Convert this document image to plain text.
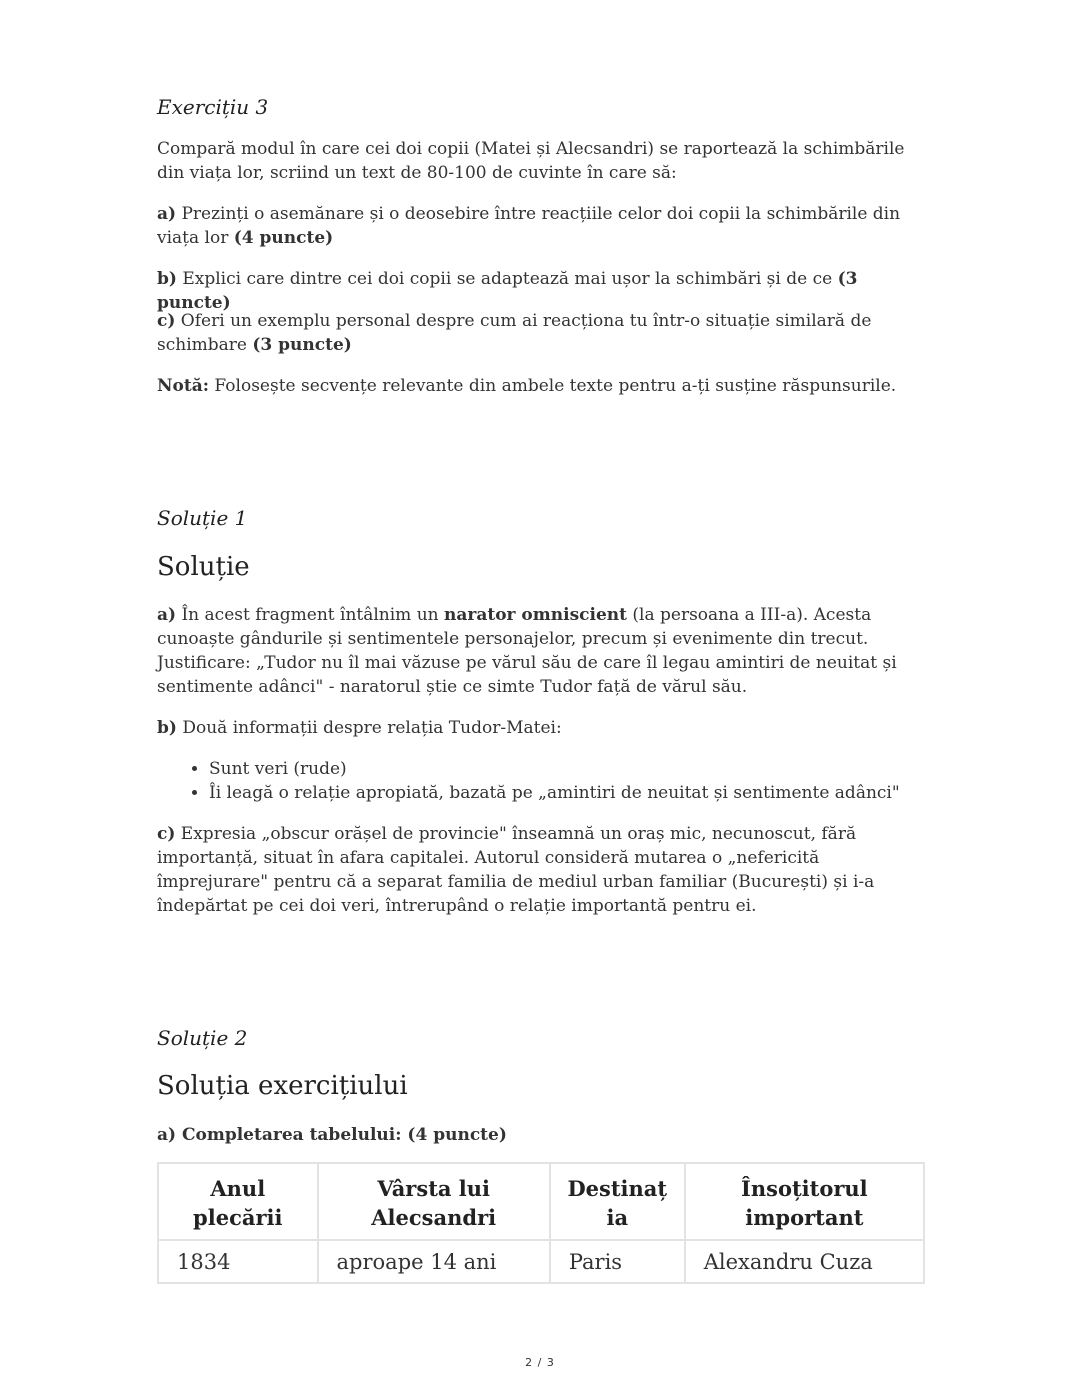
Exercițiu 3

Compară modul în care cei doi copii (Matei și Alecsandri) se raportează la schimbările din viața lor, scriind un text de 80-100 de cuvinte în care să:

a) Prezinți o asemănare și o deosebire între reacțiile celor doi copii la schimbările din viața lor (4 puncte)

b) Explici care dintre cei doi copii se adaptează mai ușor la schimbări și de ce (3 puncte)

c) Oferi un exemplu personal despre cum ai reacționa tu într-o situație similară de schimbare (3 puncte)

Notă: Folosește secvențe relevante din ambele texte pentru a-ți susține răspunsurile.

Soluție 1
Soluție

a) În acest fragment întâlnim un narator omniscient (la persoana a III-a). Acesta cunoaște gândurile și sentimentele personajelor, precum și evenimente din trecut. Justificare: „Tudor nu îl mai văzuse pe vărul său de care îl legau amintiri de neuitat și sentimente adânci" - naratorul știe ce simte Tudor față de vărul său.

b) Două informații despre relația Tudor-Matei:

• Sunt veri (rude)
• Îi leagă o relație apropiată, bazată pe „amintiri de neuitat și sentimente adânci"

c) Expresia „obscur orășel de provincie" înseamnă un oraș mic, necunoscut, fără importanță, situat în afara capitalei. Autorul consideră mutarea o „nefericită împrejurare" pentru că a separat familia de mediul urban familiar (București) și i-a îndepărtat pe cei doi veri, întrerupând o relație importantă pentru ei.

Soluție 2
Soluția exercițiului

a) Completarea tabelului: (4 puncte)

Anul plecării	Vârsta lui Alecsandri	Destinația	Însoțitorul important
1834	aproape 14 ani	Paris	Alexandru Cuza
2 / 3
